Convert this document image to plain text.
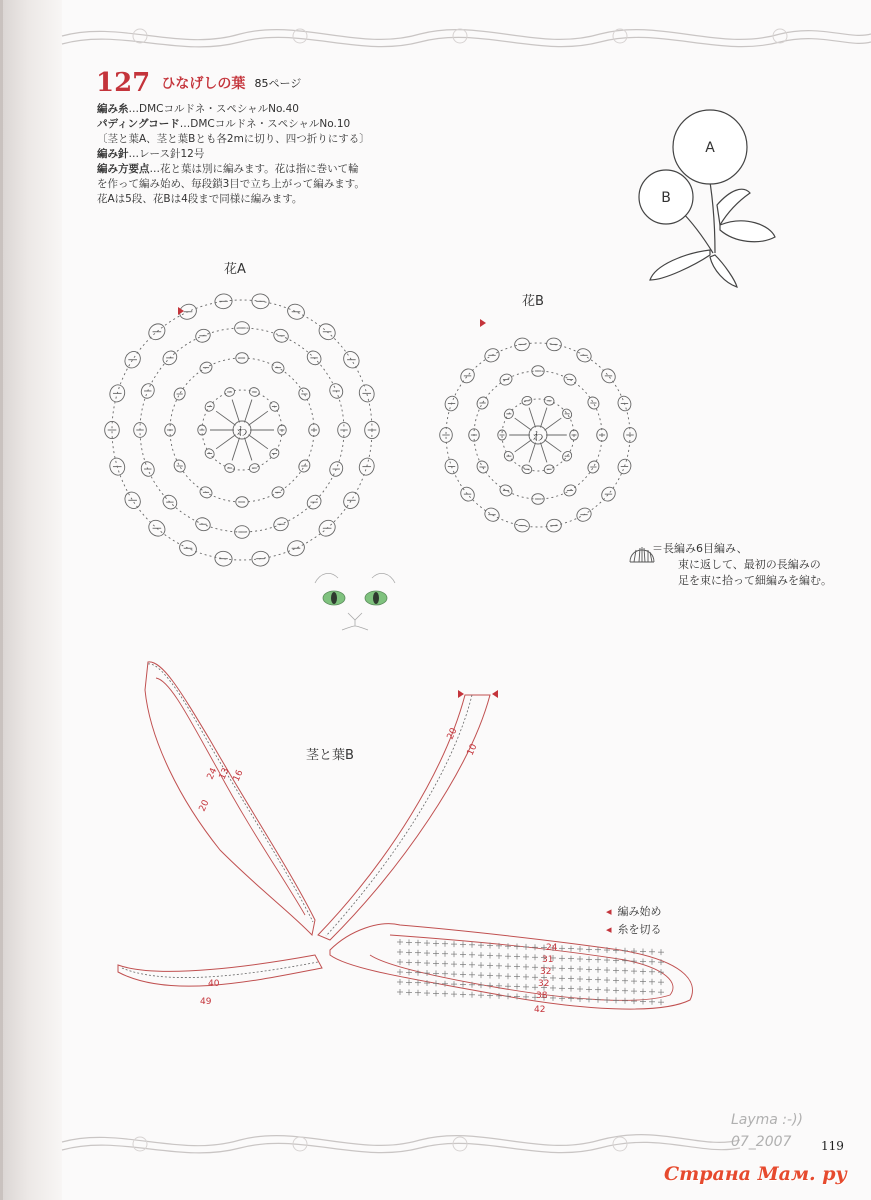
127 ひなげしの葉 85ページ
編み糸…DMCコルドネ・スペシャルNo.40
パディングコード…DMCコルドネ・スペシャルNo.10
〔茎と葉A、茎と葉Bとも各2mに切り、四つ折りにする〕
編み針…レース針12号
編み方要点…花と葉は別に編みます。花は指に巻いて輪
を作って編み始め、毎段鎖3目で立ち上がって編みます。
花Aは5段、花Bは4段まで同様に編みます。
A
B
花A
花B
わ	わ
＝長編み6目編み、
束に返して、最初の長編みの
足を束に拾って細編みを編む。
茎と葉B
24
13 16
20
20
10
40
49
24
31
32
32
38
42
◂ 編み始め
◂ 糸を切る
Layma :-))
07_2007	119
Страна Мам. ру
